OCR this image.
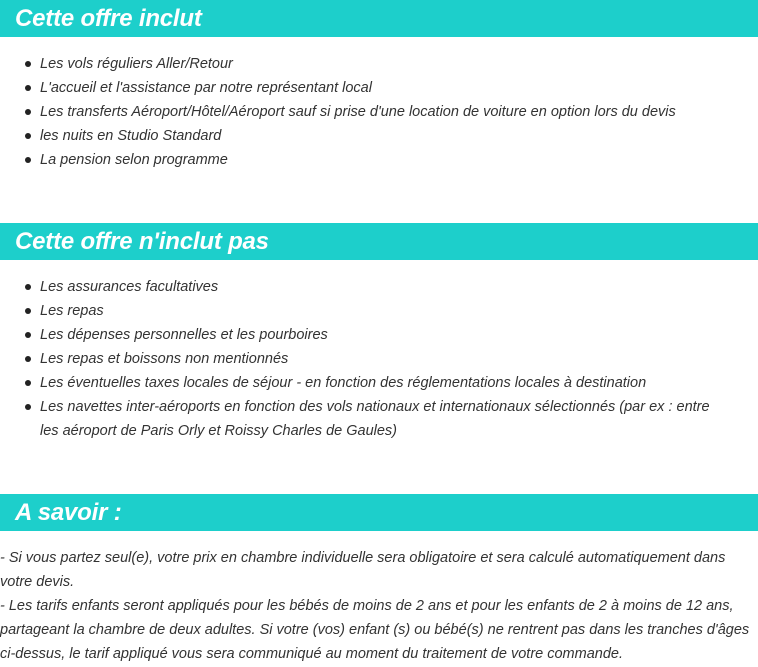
Cette offre inclut
Les vols réguliers Aller/Retour
L'accueil et l'assistance par notre représentant local
Les transferts Aéroport/Hôtel/Aéroport sauf si prise d'une location de voiture en option lors du devis
les nuits en Studio Standard
La pension selon programme
Cette offre n'inclut pas
Les assurances facultatives
Les repas
Les dépenses personnelles et les pourboires
Les repas et boissons non mentionnés
Les éventuelles taxes locales de séjour - en fonction des réglementations locales à destination
Les navettes inter-aéroports en fonction des vols nationaux et internationaux sélectionnés (par ex : entre les aéroport de Paris Orly et Roissy Charles de Gaules)
A savoir :

- Si vous partez seul(e), votre prix en chambre individuelle sera obligatoire et sera calculé automatiquement dans votre devis.

- Les tarifs enfants seront appliqués pour les bébés de moins de 2 ans et pour les enfants de 2 à moins de 12 ans, partageant la chambre de deux adultes. Si votre (vos) enfant (s) ou bébé(s) ne rentrent pas dans les tranches d'âges ci-dessus, le tarif appliqué vous sera communiqué au moment du traitement de votre commande.
